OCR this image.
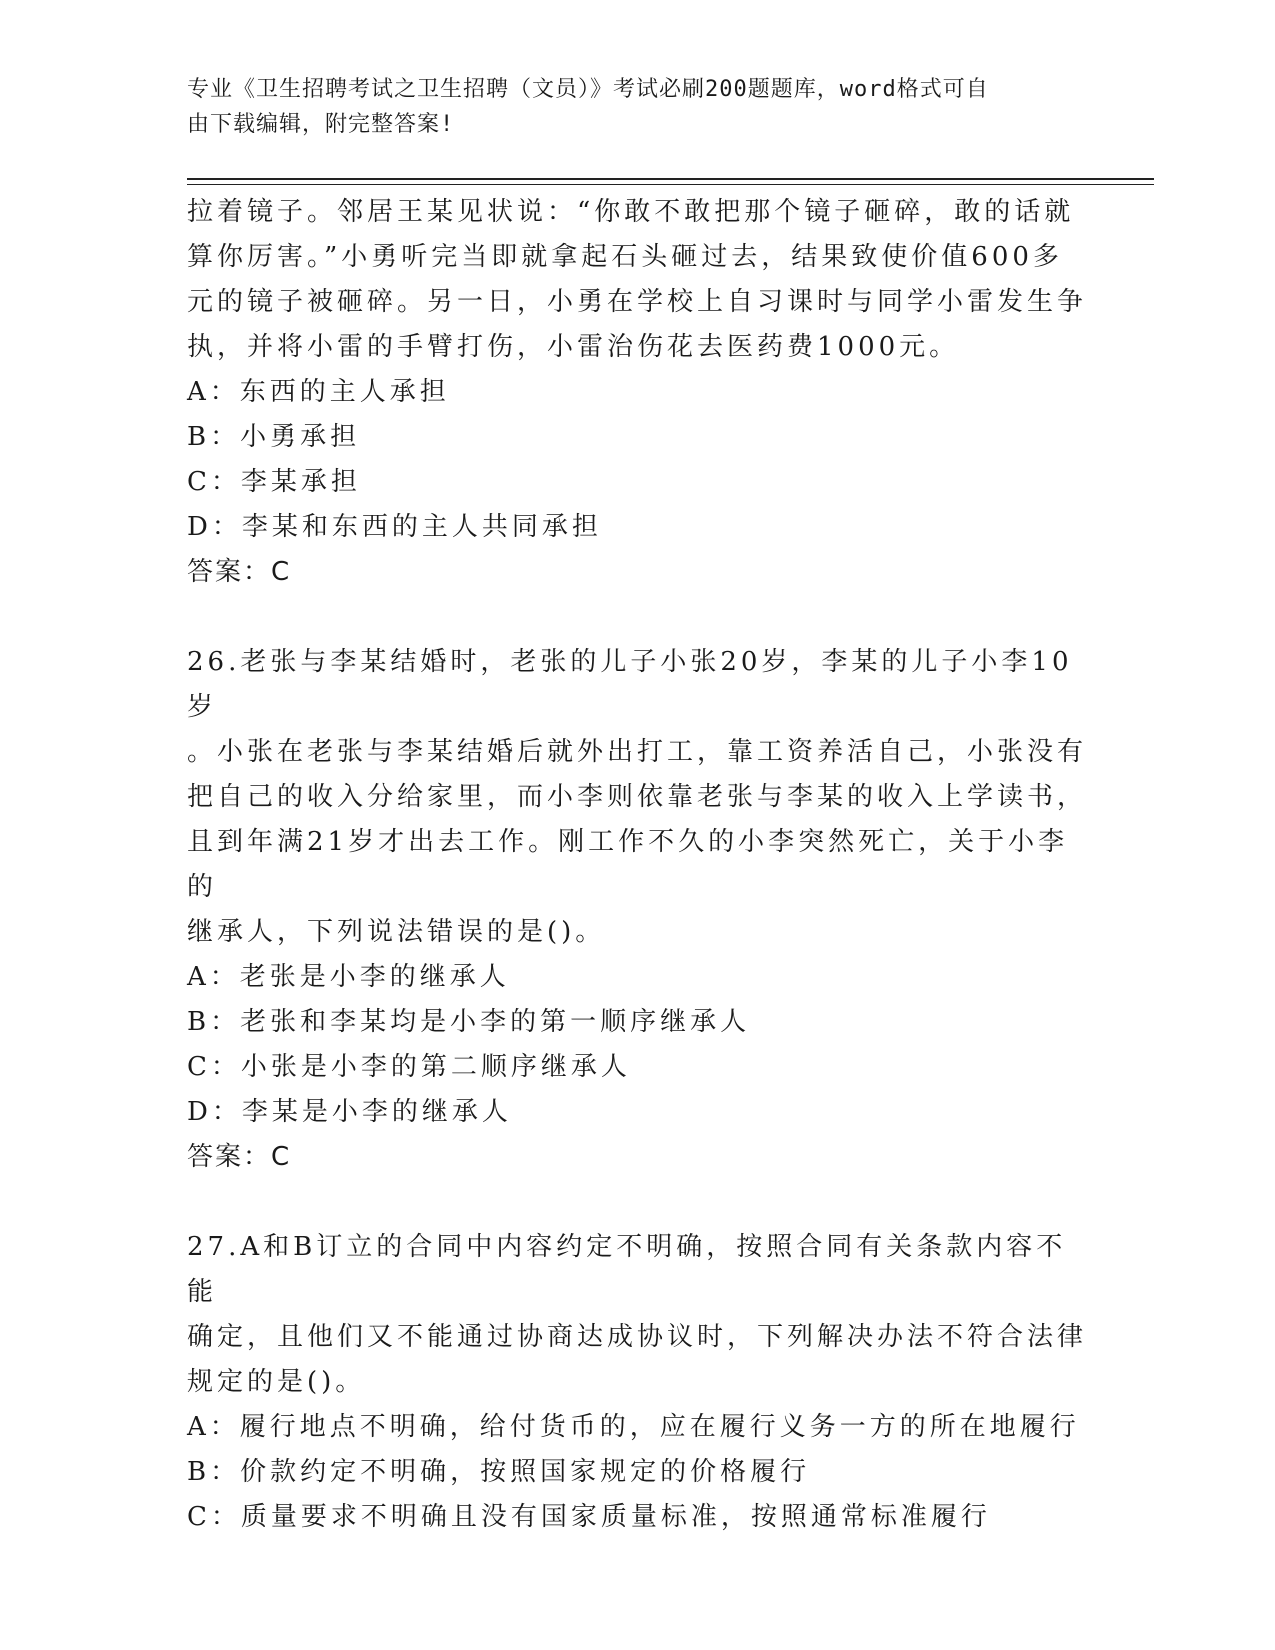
专业《卫生招聘考试之卫生招聘（文员）》考试必刷200题题库，word格式可自
由下载编辑，附完整答案!

拉着镜子。邻居王某见状说：“你敢不敢把那个镜子砸碎，敢的话就

算你厉害。”小勇听完当即就拿起石头砸过去，结果致使价值600多

元的镜子被砸碎。另一日，小勇在学校上自习课时与同学小雷发生争

执，并将小雷的手臂打伤，小雷治伤花去医药费1000元。

A：东西的主人承担

B：小勇承担

C：李某承担

D：李某和东西的主人共同承担

答案：C

26.老张与李某结婚时，老张的儿子小张20岁，李某的儿子小李10岁

。小张在老张与李某结婚后就外出打工，靠工资养活自己，小张没有

把自己的收入分给家里，而小李则依靠老张与李某的收入上学读书，

且到年满21岁才出去工作。刚工作不久的小李突然死亡，关于小李的

继承人，下列说法错误的是()。

A：老张是小李的继承人

B：老张和李某均是小李的第一顺序继承人

C：小张是小李的第二顺序继承人

D：李某是小李的继承人

答案：C

27.A和B订立的合同中内容约定不明确，按照合同有关条款内容不能

确定，且他们又不能通过协商达成协议时，下列解决办法不符合法律

规定的是()。

A：履行地点不明确，给付货币的，应在履行义务一方的所在地履行

B：价款约定不明确，按照国家规定的价格履行

C：质量要求不明确且没有国家质量标准，按照通常标准履行
